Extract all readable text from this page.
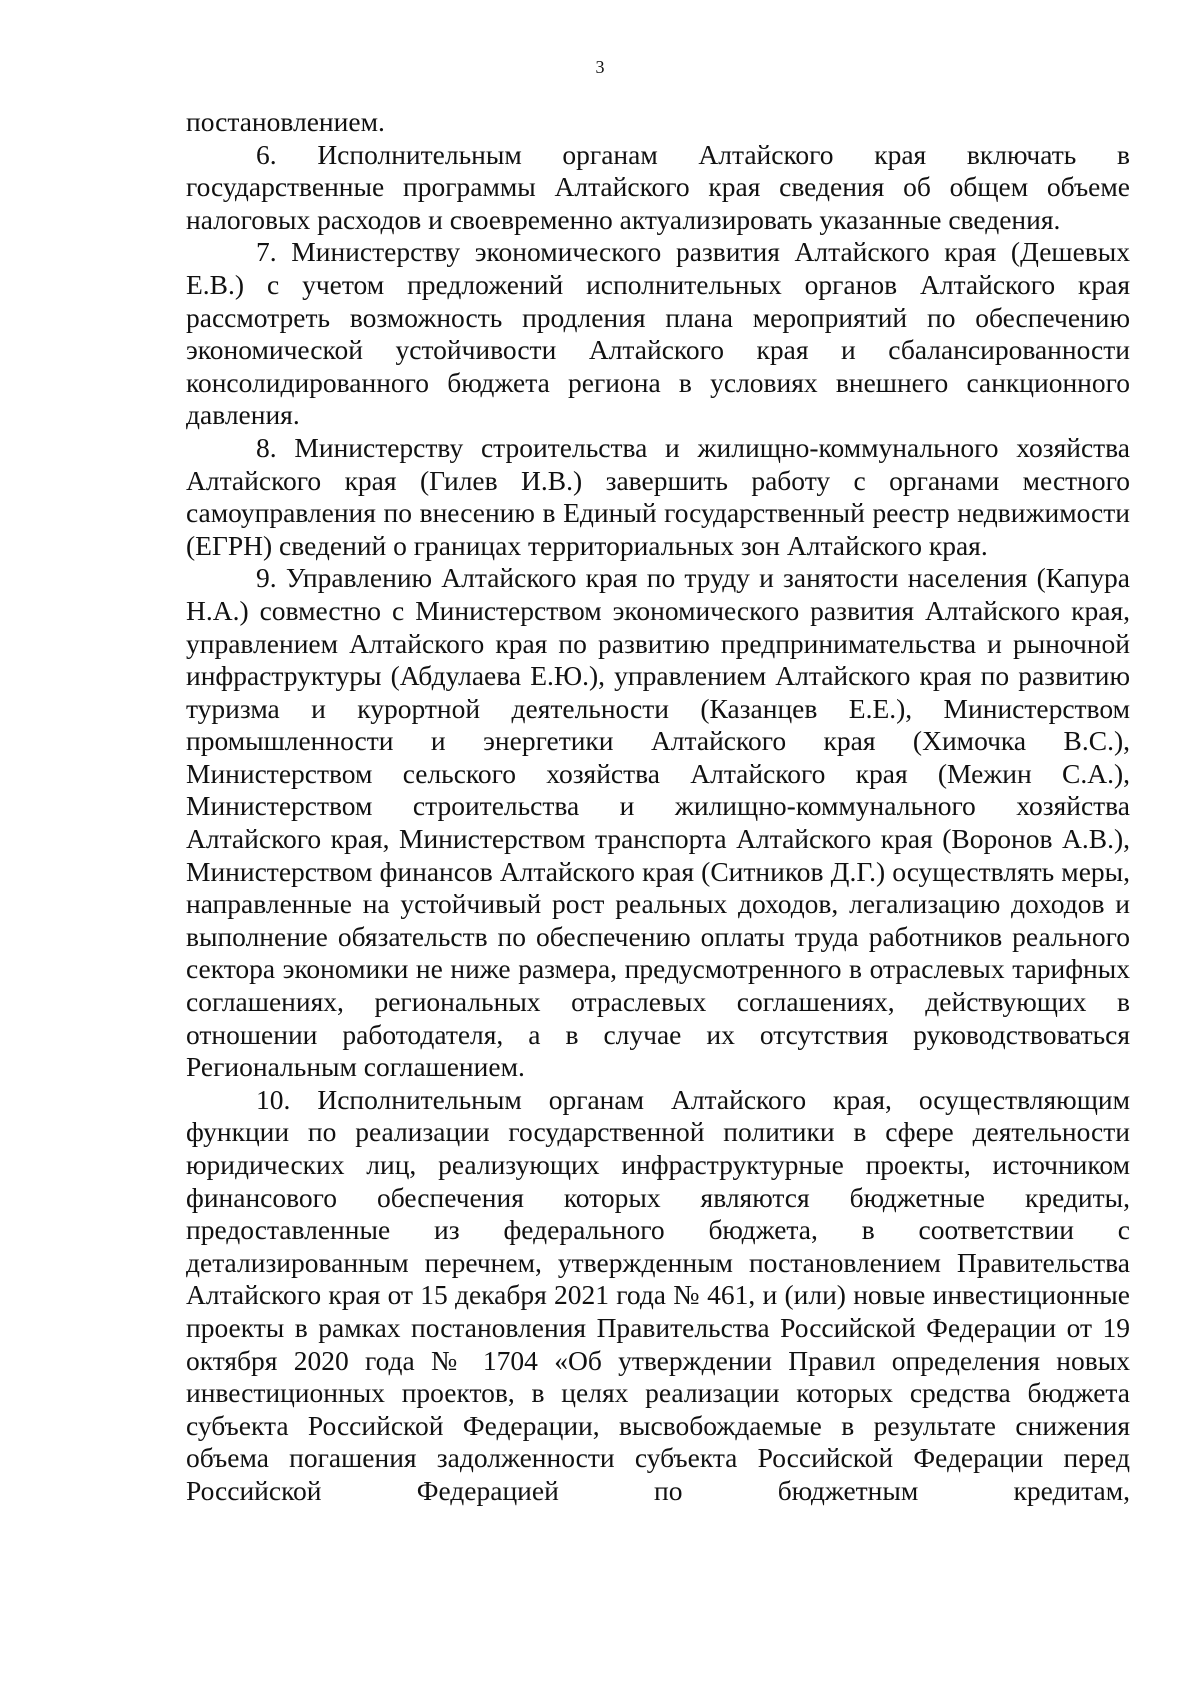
3

постановлением.

6. Исполнительным органам Алтайского края включать в государственные программы Алтайского края сведения об общем объеме налоговых расходов и своевременно актуализировать указанные сведения.

7. Министерству экономического развития Алтайского края (Дешевых Е.В.) с учетом предложений исполнительных органов Алтайского края рассмотреть возможность продления плана мероприятий по обеспечению экономической устойчивости Алтайского края и сбалансированности консолидированного бюджета региона в условиях внешнего санкционного давления.

8. Министерству строительства и жилищно-коммунального хозяйства Алтайского края (Гилев И.В.) завершить работу с органами местного самоуправления по внесению в Единый государственный реестр недвижимости (ЕГРН) сведений о границах территориальных зон Алтайского края.

9. Управлению Алтайского края по труду и занятости населения (Капура Н.А.) совместно с Министерством экономического развития Алтайского края, управлением Алтайского края по развитию предпринимательства и рыночной инфраструктуры (Абдулаева Е.Ю.), управлением Алтайского края по развитию туризма и курортной деятельности (Казанцев Е.Е.), Министерством промышленности и энергетики Алтайского края (Химочка В.С.), Министерством сельского хозяйства Алтайского края (Межин С.А.), Министерством строительства и жилищно-коммунального хозяйства Алтайского края, Министерством транспорта Алтайского края (Воронов А.В.), Министерством финансов Алтайского края (Ситников Д.Г.) осуществлять меры, направленные на устойчивый рост реальных доходов, легализацию доходов и выполнение обязательств по обеспечению оплаты труда работников реального сектора экономики не ниже размера, предусмотренного в отраслевых тарифных соглашениях, региональных отраслевых соглашениях, действующих в отношении работодателя, а в случае их отсутствия руководствоваться Региональным соглашением.

10. Исполнительным органам Алтайского края, осуществляющим функции по реализации государственной политики в сфере деятельности юридических лиц, реализующих инфраструктурные проекты, источником финансового обеспечения которых являются бюджетные кредиты, предоставленные из федерального бюджета, в соответствии с детализированным перечнем, утвержденным постановлением Правительства Алтайского края от 15 декабря 2021 года № 461, и (или) новые инвестиционные проекты в рамках постановления Правительства Российской Федерации от 19 октября 2020 года № 1704 «Об утверждении Правил определения новых инвестиционных проектов, в целях реализации которых средства бюджета субъекта Российской Федерации, высвобождаемые в результате снижения объема погашения задолженности субъекта Российской Федерации перед Российской Федерацией по бюджетным кредитам,
